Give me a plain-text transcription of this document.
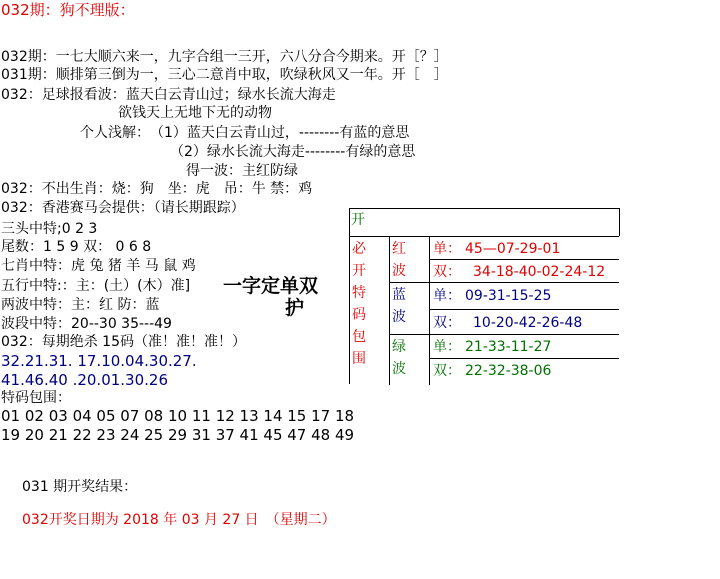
032期：狗不理版：
032期：一七大顺六来一，九字合组一三开，六八分合今期来。开［？］
031期：顺排第三倒为一，三心二意肖中取，吹绿秋风又一年。开［　］
032：足球报看波：蓝天白云青山过；绿水长流大海走
欲钱天上无地下无的动物
个人浅解：　（1）蓝天白云青山过，--------有蓝的意思
（2）绿水长流大海走--------有绿的意思
得一波：主红防绿
032：不出生肖：烧：狗　坐：虎　吊：牛 禁：鸡
032：香港赛马会提供：（请长期跟踪）
三头中特;0 2 3
尾数：1 5 9 双： 0 6 8
七肖中特：虎 兔 猪 羊 马 鼠 鸡
五行中特:：主：(土）(木）准]
两波中特：主：红 防：蓝
波段中特：20--30 35---49
032：每期绝杀 15码（准！准！准！）
32.21.31. 17.10.04.30.27.
41.46.40 .20.01.30.26
特码包围：
01 02 03 04 05 07 08 10 11 12 13 14 15 17 18
19 20 21 22 23 24 25 29 31 37 41 45 47 48 49
031 期开奖结果：
032开奖日期为 2018 年 03 月 27 日　（星期二）
一字定单双
护
开
必开特码包围
红波
蓝波
绿波
单： 45—07-29-01
双： 34-18-40-02-24-12
单： 09-31-15-25
双： 10-20-42-26-48
单： 21-33-11-27
双： 22-32-38-06
